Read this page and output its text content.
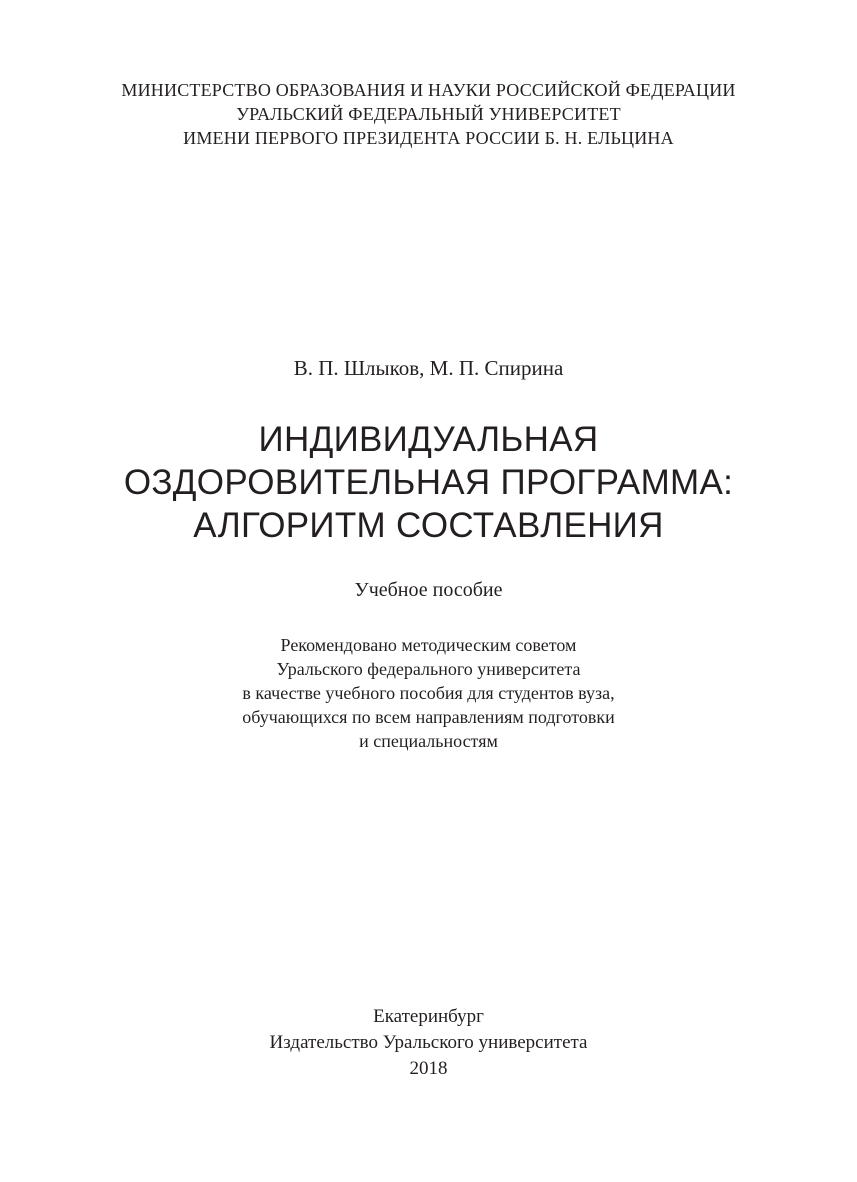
МИНИСТЕРСТВО ОБРАЗОВАНИЯ И НАУКИ РОССИЙСКОЙ ФЕДЕРАЦИИ
УРАЛЬСКИЙ ФЕДЕРАЛЬНЫЙ УНИВЕРСИТЕТ
ИМЕНИ ПЕРВОГО ПРЕЗИДЕНТА РОССИИ Б. Н. ЕЛЬЦИНА
В. П. Шлыков, М. П. Спирина
ИНДИВИДУАЛЬНАЯ
ОЗДОРОВИТЕЛЬНАЯ ПРОГРАММА:
АЛГОРИТМ СОСТАВЛЕНИЯ
Учебное пособие
Рекомендовано методическим советом
Уральского федерального университета
в качестве учебного пособия для студентов вуза,
обучающихся по всем направлениям подготовки
и специальностям
Екатеринбург
Издательство Уральского университета
2018
